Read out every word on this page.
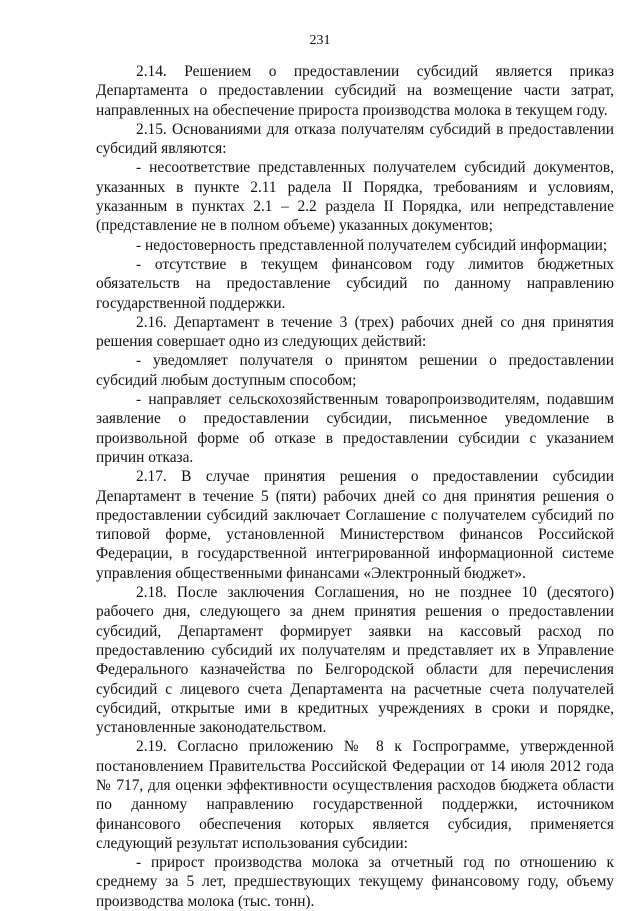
231

2.14. Решением о предоставлении субсидий является приказ Департамента о предоставлении субсидий на возмещение части затрат, направленных на обеспечение прироста производства молока в текущем году.

2.15. Основаниями для отказа получателям субсидий в предоставлении субсидий являются:

- несоответствие представленных получателем субсидий документов, указанных в пункте 2.11 радела II Порядка, требованиям и условиям, указанным в пунктах 2.1 – 2.2 раздела II Порядка, или непредставление (представление не в полном объеме) указанных документов;

- недостоверность представленной получателем субсидий информации;

- отсутствие в текущем финансовом году лимитов бюджетных обязательств на предоставление субсидий по данному направлению государственной поддержки.

2.16. Департамент в течение 3 (трех) рабочих дней со дня принятия решения совершает одно из следующих действий:

- уведомляет получателя о принятом решении о предоставлении субсидий любым доступным способом;

- направляет сельскохозяйственным товаропроизводителям, подавшим заявление о предоставлении субсидии, письменное уведомление в произвольной форме об отказе в предоставлении субсидии с указанием причин отказа.

2.17. В случае принятия решения о предоставлении субсидии Департамент в течение 5 (пяти) рабочих дней со дня принятия решения о предоставлении субсидий заключает Соглашение с получателем субсидий по типовой форме, установленной Министерством финансов Российской Федерации, в государственной интегрированной информационной системе управления общественными финансами «Электронный бюджет».

2.18. После заключения Соглашения, но не позднее 10 (десятого) рабочего дня, следующего за днем принятия решения о предоставлении субсидий, Департамент формирует заявки на кассовый расход по предоставлению субсидий их получателям и представляет их в Управление Федерального казначейства по Белгородской области для перечисления субсидий с лицевого счета Департамента на расчетные счета получателей субсидий, открытые ими в кредитных учреждениях в сроки и порядке, установленные законодательством.

2.19. Согласно приложению № 8 к Госпрограмме, утвержденной постановлением Правительства Российской Федерации от 14 июля 2012 года № 717, для оценки эффективности осуществления расходов бюджета области по данному направлению государственной поддержки, источником финансового обеспечения которых является субсидия, применяется следующий результат использования субсидии:

- прирост производства молока за отчетный год по отношению к среднему за 5 лет, предшествующих текущему финансовому году, объему производства молока (тыс. тонн).
